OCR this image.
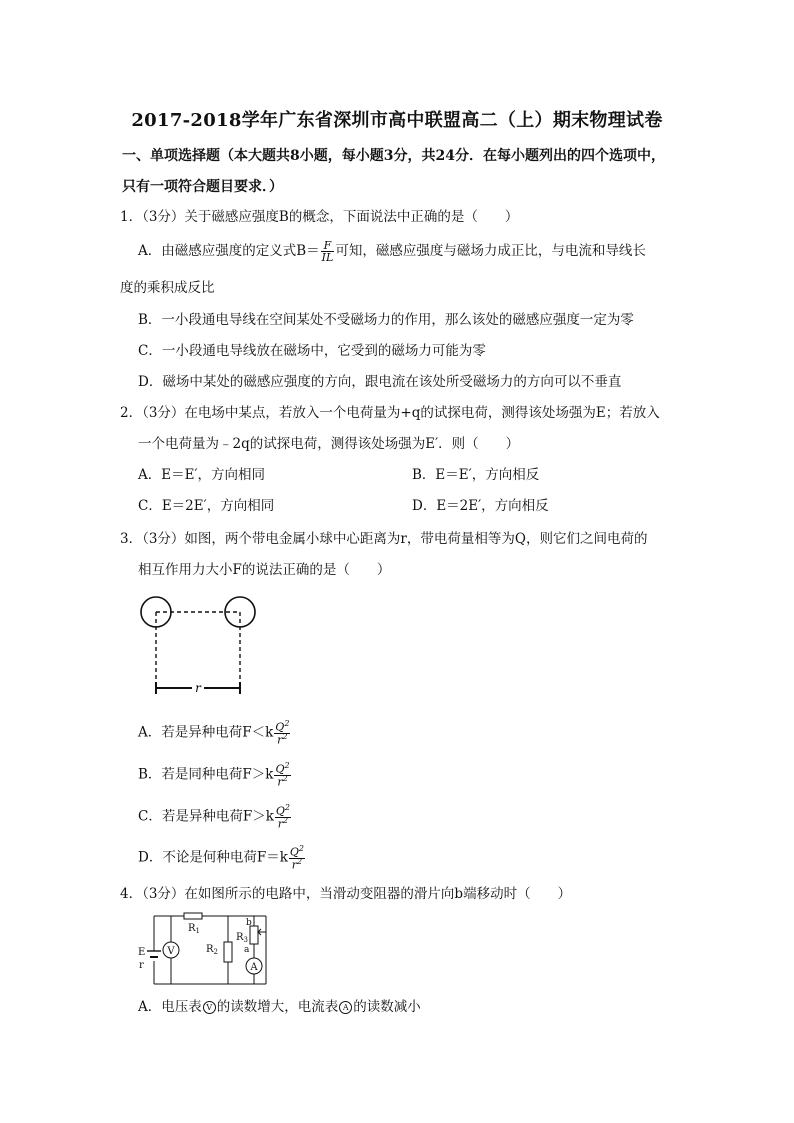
2017-2018学年广东省深圳市高中联盟高二（上）期末物理试卷
一、单项选择题（本大题共8小题，每小题3分，共24分．在每小题列出的四个选项中，
只有一项符合题目要求．）
1．（3分）关于磁感应强度B的概念，下面说法中正确的是（　　）
A．由磁感应强度的定义式$B= \frac{F}{IL}$ 可知，磁感应强度与磁场力成正比，与电流和导线长
度的乘积成反比
B．一小段通电导线在空间某处不受磁场力的作用，那么该处的磁感应强度一定为零
C．一小段通电导线放在磁场中，它受到的磁场力可能为零
D．磁场中某处的磁感应强度的方向，跟电流在该处所受磁场力的方向可以不垂直
2．（3分）在电场中某点，若放入一个电荷量为+q的试探电荷，测得该处场强为E；若放入
一个电荷量为﹣2q的试探电荷，测得该处场强为E′．则（　　）
A．E＝E′，方向相同	B．E＝E′，方向相反
C．E＝2E′，方向相同	D．E＝2E′，方向相反
3．（3分）如图，两个带电金属小球中心距离为r，带电荷量相等为Q，则它们之间电荷的
相互作用力大小F的说法正确的是（　　）
r
A．若是异种电荷$F<k \frac{Q^2}{r^2}$
B．若是同种电荷$F>k \frac{Q^2}{r^2}$
C．若是异种电荷$F>k \frac{Q^2}{r^2}$
D．不论是何种电荷$F=k \frac{Q^2}{r^2}$
4．（3分）在如图所示的电路中，当滑动变阻器的滑片向b端移动时（　　）
V
A
$R_1$
$R_2$
$R_3$
b
a
E
r
A．电压表 V 的读数增大，电流表 A 的读数减小
